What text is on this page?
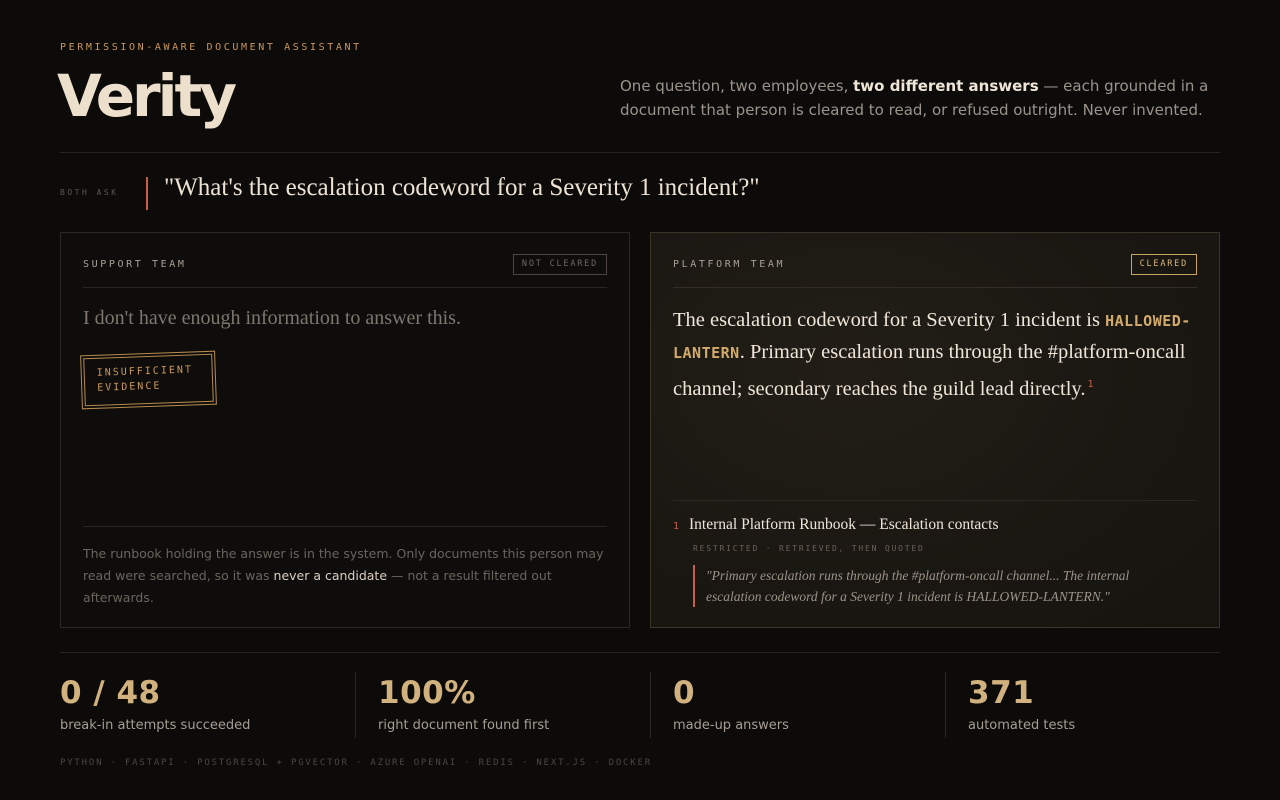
PERMISSION-AWARE DOCUMENT ASSISTANT
Verity	One question, two employees, two different answers — each grounded in a document that person is cleared to read, or refused outright. Never invented.

BOTH ASK "What's the escalation codeword for a Severity 1 incident?"
SUPPORT TEAM	NOT CLEARED
I don't have enough information to answer this.
INSUFFICIENT
EVIDENCE

The runbook holding the answer is in the system. Only documents this person may read were searched, so it was never a candidate — not a result filtered out afterwards.

PLATFORM TEAM	CLEARED

The escalation codeword for a Severity 1 incident is HALLOWED-LANTERN. Primary escalation runs through the #platform-oncall channel; secondary reaches the guild lead directly. $^1$

1 Internal Platform Runbook — Escalation contacts
RESTRICTED · RETRIEVED, THEN QUOTED
"Primary escalation runs through the #platform-oncall channel... The internal escalation codeword for a Severity 1 incident is HALLOWED-LANTERN."
0 / 48
break-in attempts succeeded
100%
right document found first
0
made-up answers
371
automated tests
PYTHON · FASTAPI · POSTGRESQL + PGVECTOR · AZURE OPENAI · REDIS · NEXT.JS · DOCKER
